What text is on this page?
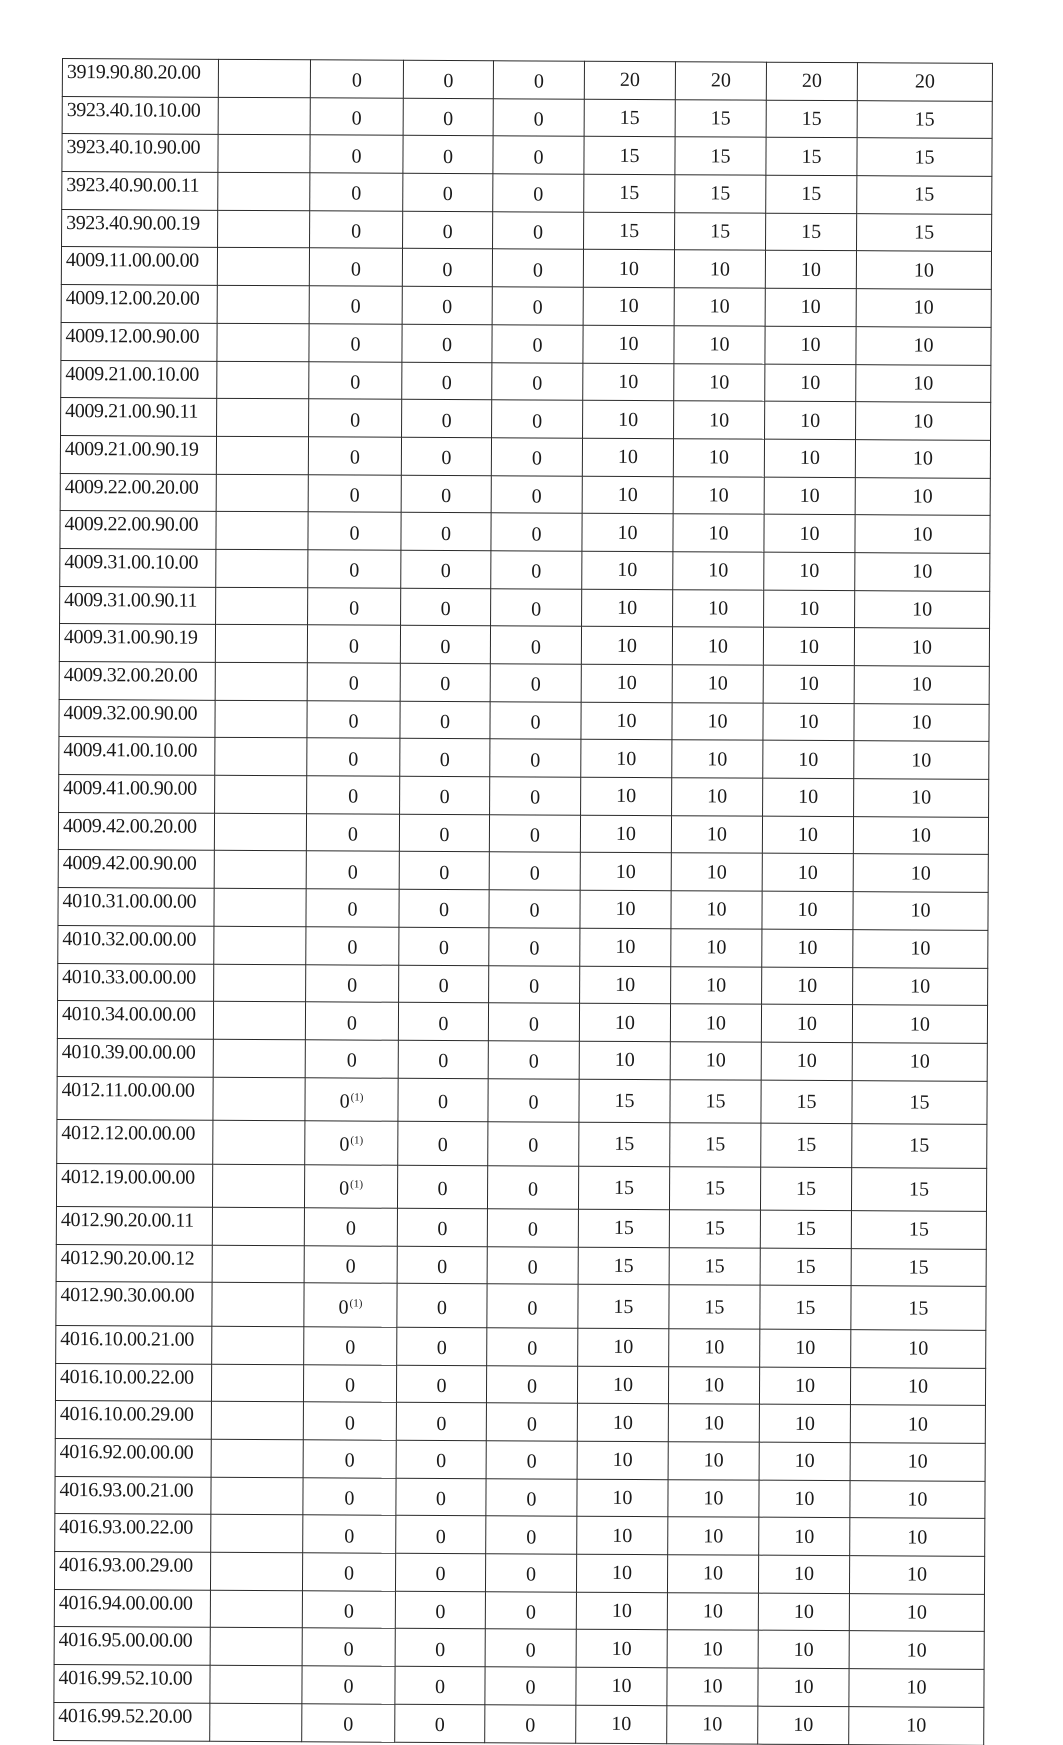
3919.90.80.20.00		0	0	0	20	20	20	20
3923.40.10.10.00		0	0	0	15	15	15	15
3923.40.10.90.00		0	0	0	15	15	15	15
3923.40.90.00.11		0	0	0	15	15	15	15
3923.40.90.00.19		0	0	0	15	15	15	15
4009.11.00.00.00		0	0	0	10	10	10	10
4009.12.00.20.00		0	0	0	10	10	10	10
4009.12.00.90.00		0	0	0	10	10	10	10
4009.21.00.10.00		0	0	0	10	10	10	10
4009.21.00.90.11		0	0	0	10	10	10	10
4009.21.00.90.19		0	0	0	10	10	10	10
4009.22.00.20.00		0	0	0	10	10	10	10
4009.22.00.90.00		0	0	0	10	10	10	10
4009.31.00.10.00		0	0	0	10	10	10	10
4009.31.00.90.11		0	0	0	10	10	10	10
4009.31.00.90.19		0	0	0	10	10	10	10
4009.32.00.20.00		0	0	0	10	10	10	10
4009.32.00.90.00		0	0	0	10	10	10	10
4009.41.00.10.00		0	0	0	10	10	10	10
4009.41.00.90.00		0	0	0	10	10	10	10
4009.42.00.20.00		0	0	0	10	10	10	10
4009.42.00.90.00		0	0	0	10	10	10	10
4010.31.00.00.00		0	0	0	10	10	10	10
4010.32.00.00.00		0	0	0	10	10	10	10
4010.33.00.00.00		0	0	0	10	10	10	10
4010.34.00.00.00		0	0	0	10	10	10	10
4010.39.00.00.00		0	0	0	10	10	10	10
4012.11.00.00.00		0$^{(1)}$	0	0	15	15	15	15
4012.12.00.00.00		0$^{(1)}$	0	0	15	15	15	15
4012.19.00.00.00		0$^{(1)}$	0	0	15	15	15	15
4012.90.20.00.11		0	0	0	15	15	15	15
4012.90.20.00.12		0	0	0	15	15	15	15
4012.90.30.00.00		0$^{(1)}$	0	0	15	15	15	15
4016.10.00.21.00		0	0	0	10	10	10	10
4016.10.00.22.00		0	0	0	10	10	10	10
4016.10.00.29.00		0	0	0	10	10	10	10
4016.92.00.00.00		0	0	0	10	10	10	10
4016.93.00.21.00		0	0	0	10	10	10	10
4016.93.00.22.00		0	0	0	10	10	10	10
4016.93.00.29.00		0	0	0	10	10	10	10
4016.94.00.00.00		0	0	0	10	10	10	10
4016.95.00.00.00		0	0	0	10	10	10	10
4016.99.52.10.00		0	0	0	10	10	10	10
4016.99.52.20.00		0	0	0	10	10	10	10
